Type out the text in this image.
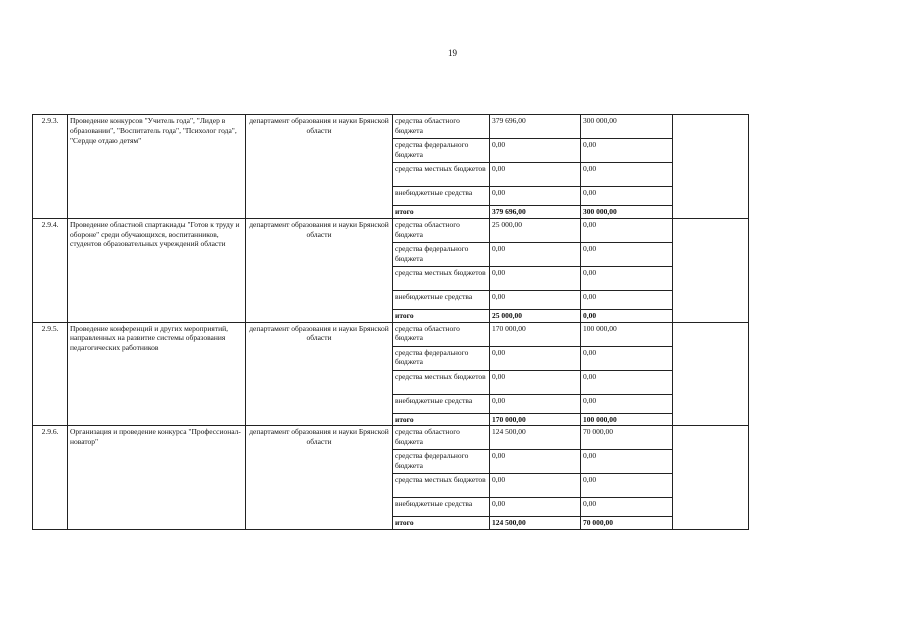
19
2.9.3.	Проведение конкурсов "Учитель года", "Лидер в образовании", "Воспитатель года", "Психолог года", "Сердце отдаю детям"	департамент образования и науки Брянской области	средства областного бюджета	379 696,00	300 000,00	
			средства федерального бюджета	0,00	0,00	
			средства местных бюджетов	0,00	0,00	
			внебюджетные средства	0,00	0,00	
			итого	379 696,00	300 000,00	
2.9.4.	Проведение областной спартакиады "Готов к труду и обороне" среди обучающихся, воспитанников, студентов образовательных учреждений области	департамент образования и науки Брянской области	средства областного бюджета	25 000,00	0,00	
			средства федерального бюджета	0,00	0,00	
			средства местных бюджетов	0,00	0,00	
			внебюджетные средства	0,00	0,00	
			итого	25 000,00	0,00	
2.9.5.	Проведение конференций и других мероприятий, направленных на развитие системы образования педагогических работников	департамент образования и науки Брянской области	средства областного бюджета	170 000,00	100 000,00	
			средства федерального бюджета	0,00	0,00	
			средства местных бюджетов	0,00	0,00	
			внебюджетные средства	0,00	0,00	
			итого	170 000,00	100 000,00	
2.9.6.	Организация и проведение конкурса "Профессионал-новатор"	департамент образования и науки Брянской области	средства областного бюджета	124 500,00	70 000,00	
			средства федерального бюджета	0,00	0,00	
			средства местных бюджетов	0,00	0,00	
			внебюджетные средства	0,00	0,00	
			итого	124 500,00	70 000,00	
